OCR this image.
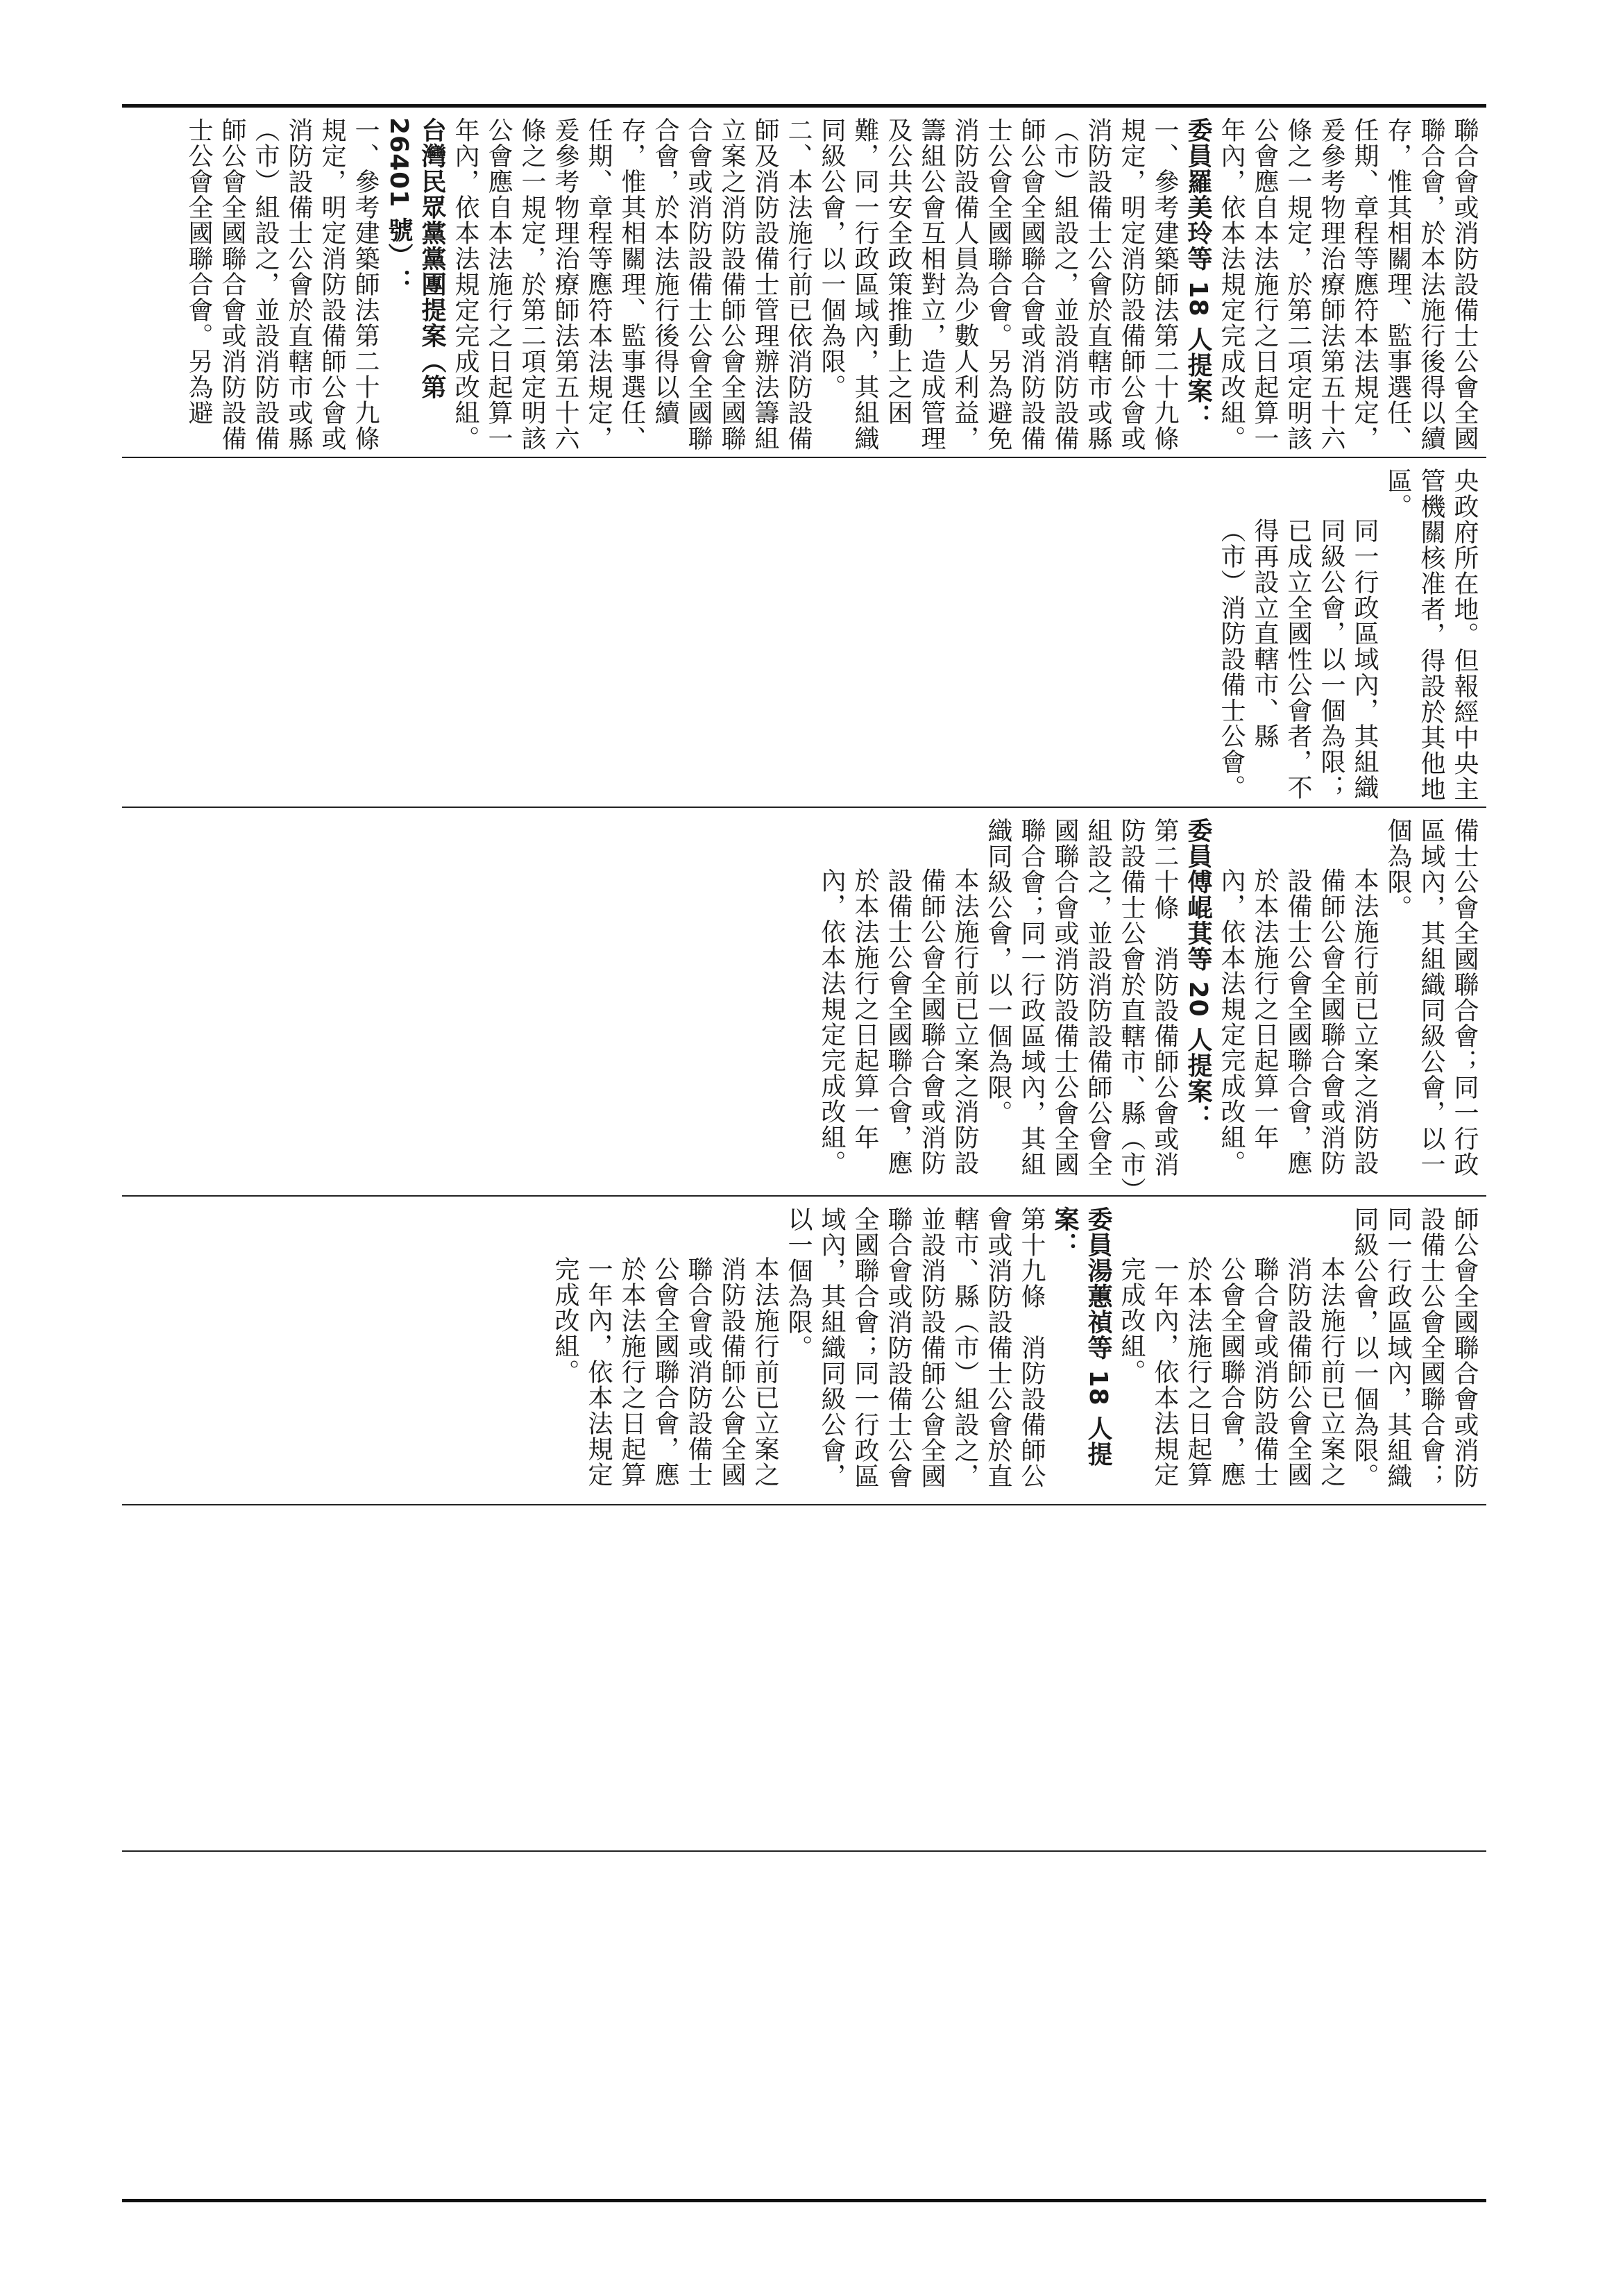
聯合會或消防設備士公會全國聯合會，於本法施行後得以續存，惟其相關理、監事選任、任期、章程等應符本法規定，爰參考物理治療師法第五十六條之一規定，於第二項定明該公會應自本法施行之日起算一年內，依本法規定完成改組。

委員羅美玲等 18 人提案：

一、參考建築師法第二十九條規定，明定消防設備師公會或消防設備士公會於直轄市或縣（市）組設之，並設消防設備師公會全國聯合會或消防設備士公會全國聯合會。另為避免消防設備人員為少數人利益，籌組公會互相對立，造成管理及公共安全政策推動上之困難，同一行政區域內，其組織同級公會，以一個為限。

二、本法施行前已依消防設備師及消防設備士管理辦法籌組立案之消防設備師公會全國聯合會或消防設備士公會全國聯合會，於本法施行後得以續存，惟其相關理、監事選任、任期、章程等應符本法規定，爰參考物理治療師法第五十六條之一規定，於第二項定明該公會應自本法施行之日起算一年內，依本法規定完成改組。

台灣民眾黨黨團提案（第 26401 號）：

一、參考建築師法第二十九條規定，明定消防設備師公會或消防設備士公會於直轄市或縣（市）組設之，並設消防設備師公會全國聯合會或消防設備士公會全國聯合會。另為避

央政府所在地。但報經中央主管機關核准者，得設於其他地區。

同一行政區域內，其組織同級公會，以一個為限；已成立全國性公會者，不得再設立直轄市、縣（市）消防設備士公會。

備士公會全國聯合會；同一行政區域內，其組織同級公會，以一個為限。

本法施行前已立案之消防設備師公會全國聯合會或消防設備士公會全國聯合會，應於本法施行之日起算一年內，依本法規定完成改組。

委員傅崐萁等 20 人提案：

第二十條　消防設備師公會或消防設備士公會於直轄市、縣（市）組設之，並設消防設備師公會全國聯合會或消防設備士公會全國聯合會；同一行政區域內，其組織同級公會，以一個為限。

本法施行前已立案之消防設備師公會全國聯合會或消防設備士公會全國聯合會，應於本法施行之日起算一年內，依本法規定完成改組。

師公會全國聯合會或消防設備士公會全國聯合會；同一行政區域內，其組織同級公會，以一個為限。

本法施行前已立案之消防設備師公會全國聯合會或消防設備士公會全國聯合會，應於本法施行之日起算一年內，依本法規定完成改組。

委員湯蕙禎等 18 人提案：

第十九條　消防設備師公會或消防設備士公會於直轄市、縣（市）組設之，並設消防設備師公會全國聯合會或消防設備士公會全國聯合會；同一行政區域內，其組織同級公會，以一個為限。

本法施行前已立案之消防設備師公會全國聯合會或消防設備士公會全國聯合會，應於本法施行之日起算一年內，依本法規定完成改組。
